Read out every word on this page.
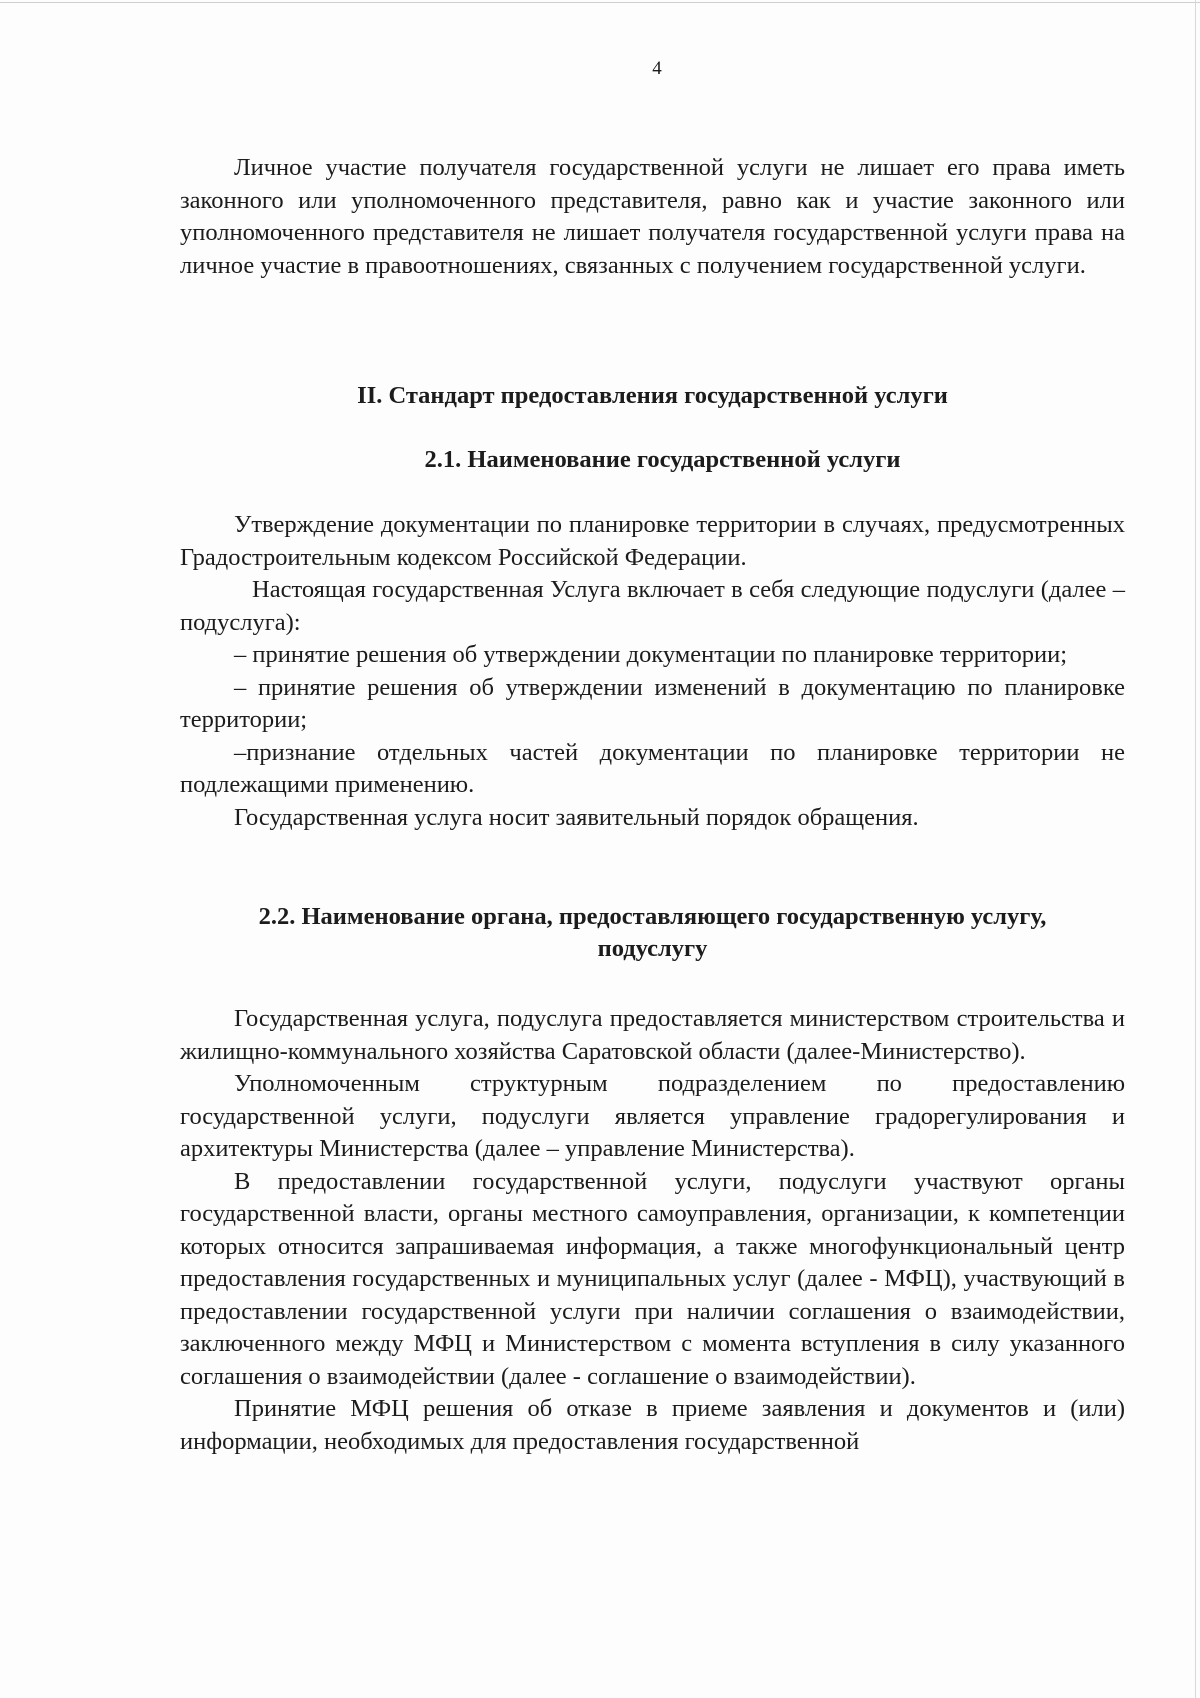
4

Личное участие получателя государственной услуги не лишает его права иметь законного или уполномоченного представителя, равно как и участие законного или уполномоченного представителя не лишает получателя государственной услуги права на личное участие в правоотношениях, связанных с получением государственной услуги.

II. Стандарт предоставления государственной услуги
2.1. Наименование государственной услуги

Утверждение документации по планировке территории в случаях, предусмотренных Градостроительным кодексом Российской Федерации.

Настоящая государственная Услуга включает в себя следующие подуслуги (далее – подуслуга):

– принятие решения об утверждении документации по планировке территории;

– принятие решения об утверждении изменений в документацию по планировке территории;

–признание отдельных частей документации по планировке территории не подлежащими применению.

Государственная услуга носит заявительный порядок обращения.

2.2. Наименование органа, предоставляющего государственную услугу,
подуслугу

Государственная услуга, подуслуга предоставляется министерством строительства и жилищно-коммунального хозяйства Саратовской области (далее-Министерство).

Уполномоченным структурным подразделением по предоставлению государственной услуги, подуслуги является управление градорегулирования и архитектуры Министерства (далее – управление Министерства).

В предоставлении государственной услуги, подуслуги участвуют органы государственной власти, органы местного самоуправления, организации, к компетенции которых относится запрашиваемая информация, а также многофункциональный центр предоставления государственных и муниципальных услуг (далее - МФЦ), участвующий в предоставлении государственной услуги при наличии соглашения о взаимодействии, заключенного между МФЦ и Министерством с момента вступления в силу указанного соглашения о взаимодействии (далее - соглашение о взаимодействии).

Принятие МФЦ решения об отказе в приеме заявления и документов и (или) информации, необходимых для предоставления государственной
